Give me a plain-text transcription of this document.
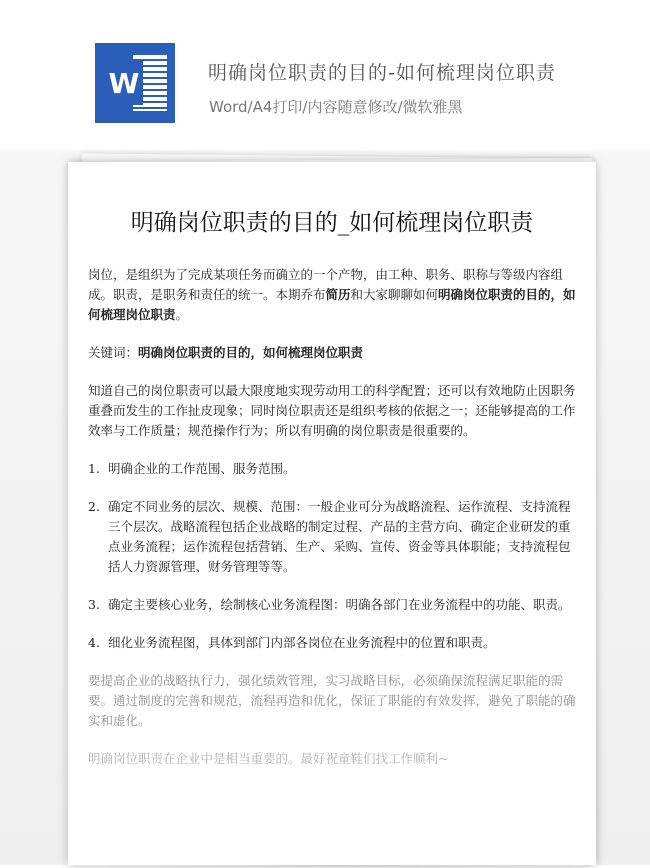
W	明确岗位职责的目的-如何梳理岗位职责
Word/A4打印/内容随意修改/微软雅黑
明确岗位职责的目的_如何梳理岗位职责

岗位，是组织为了完成某项任务而确立的一个产物，由工种、职务、职称与等级内容组成。职责，是职务和责任的统一。本期乔布简历和大家聊聊如何明确岗位职责的目的，如何梳理岗位职责。

关键词：明确岗位职责的目的，如何梳理岗位职责

知道自己的岗位职责可以最大限度地实现劳动用工的科学配置；还可以有效地防止因职务重叠而发生的工作扯皮现象；同时岗位职责还是组织考核的依据之一；还能够提高的工作效率与工作质量；规范操作行为；所以有明确的岗位职责是很重要的。

1. 明确企业的工作范围、服务范围。
2. 确定不同业务的层次、规模、范围：一般企业可分为战略流程、运作流程、支持流程三个层次。战略流程包括企业战略的制定过程、产品的主营方向、确定企业研发的重点业务流程；运作流程包括营销、生产、采购、宣传、资金等具体职能；支持流程包括人力资源管理、财务管理等等。
3. 确定主要核心业务，绘制核心业务流程图：明确各部门在业务流程中的功能、职责。
4. 细化业务流程图，具体到部门内部各岗位在业务流程中的位置和职责。

要提高企业的战略执行力，强化绩效管理，实习战略目标，必须确保流程满足职能的需要。通过制度的完善和规范，流程再造和优化，保证了职能的有效发挥，避免了职能的确实和虚化。

明确岗位职责在企业中是相当重要的。最好祝童鞋们找工作顺利~
